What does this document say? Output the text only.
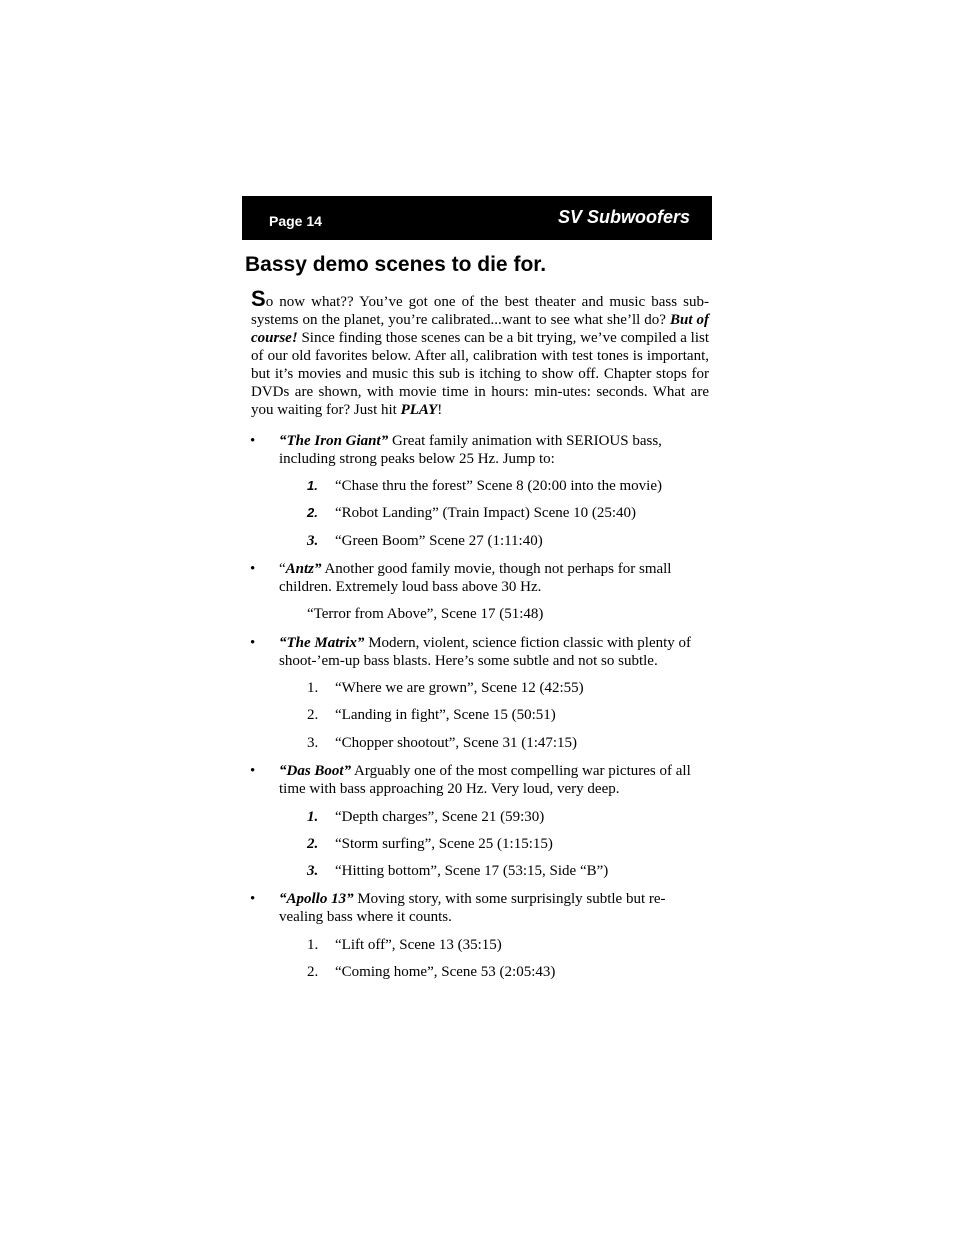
Page 14	SV Subwoofers
Bassy demo scenes to die for.
So now what?? You’ve got one of the best theater and music bass sub-systems on the planet, you’re calibrated...want to see what she’ll do? But of course! Since finding those scenes can be a bit trying, we’ve compiled a list of our old favorites below. After all, calibration with test tones is important, but it’s movies and music this sub is itching to show off. Chapter stops for DVDs are shown, with movie time in hours: min-utes: seconds. What are you waiting for? Just hit PLAY!
• “The Iron Giant” Great family animation with SERIOUS bass, including strong peaks below 25 Hz. Jump to:
1. “Chase thru the forest” Scene 8 (20:00 into the movie)
2. “Robot Landing” (Train Impact) Scene 10 (25:40)
3. “Green Boom” Scene 27 (1:11:40)
• “Antz” Another good family movie, though not perhaps for small children. Extremely loud bass above 30 Hz.
“Terror from Above”, Scene 17 (51:48)
• “The Matrix” Modern, violent, science fiction classic with plenty of shoot-’em-up bass blasts. Here’s some subtle and not so subtle.
1. “Where we are grown”, Scene 12 (42:55)
2. “Landing in fight”, Scene 15 (50:51)
3. “Chopper shootout”, Scene 31 (1:47:15)
• “Das Boot” Arguably one of the most compelling war pictures of all time with bass approaching 20 Hz. Very loud, very deep.
1. “Depth charges”, Scene 21 (59:30)
2. “Storm surfing”, Scene 25 (1:15:15)
3. “Hitting bottom”, Scene 17 (53:15, Side “B”)
• “Apollo 13” Moving story, with some surprisingly subtle but re-vealing bass where it counts.
1. “Lift off”, Scene 13 (35:15)
2. “Coming home”, Scene 53 (2:05:43)
